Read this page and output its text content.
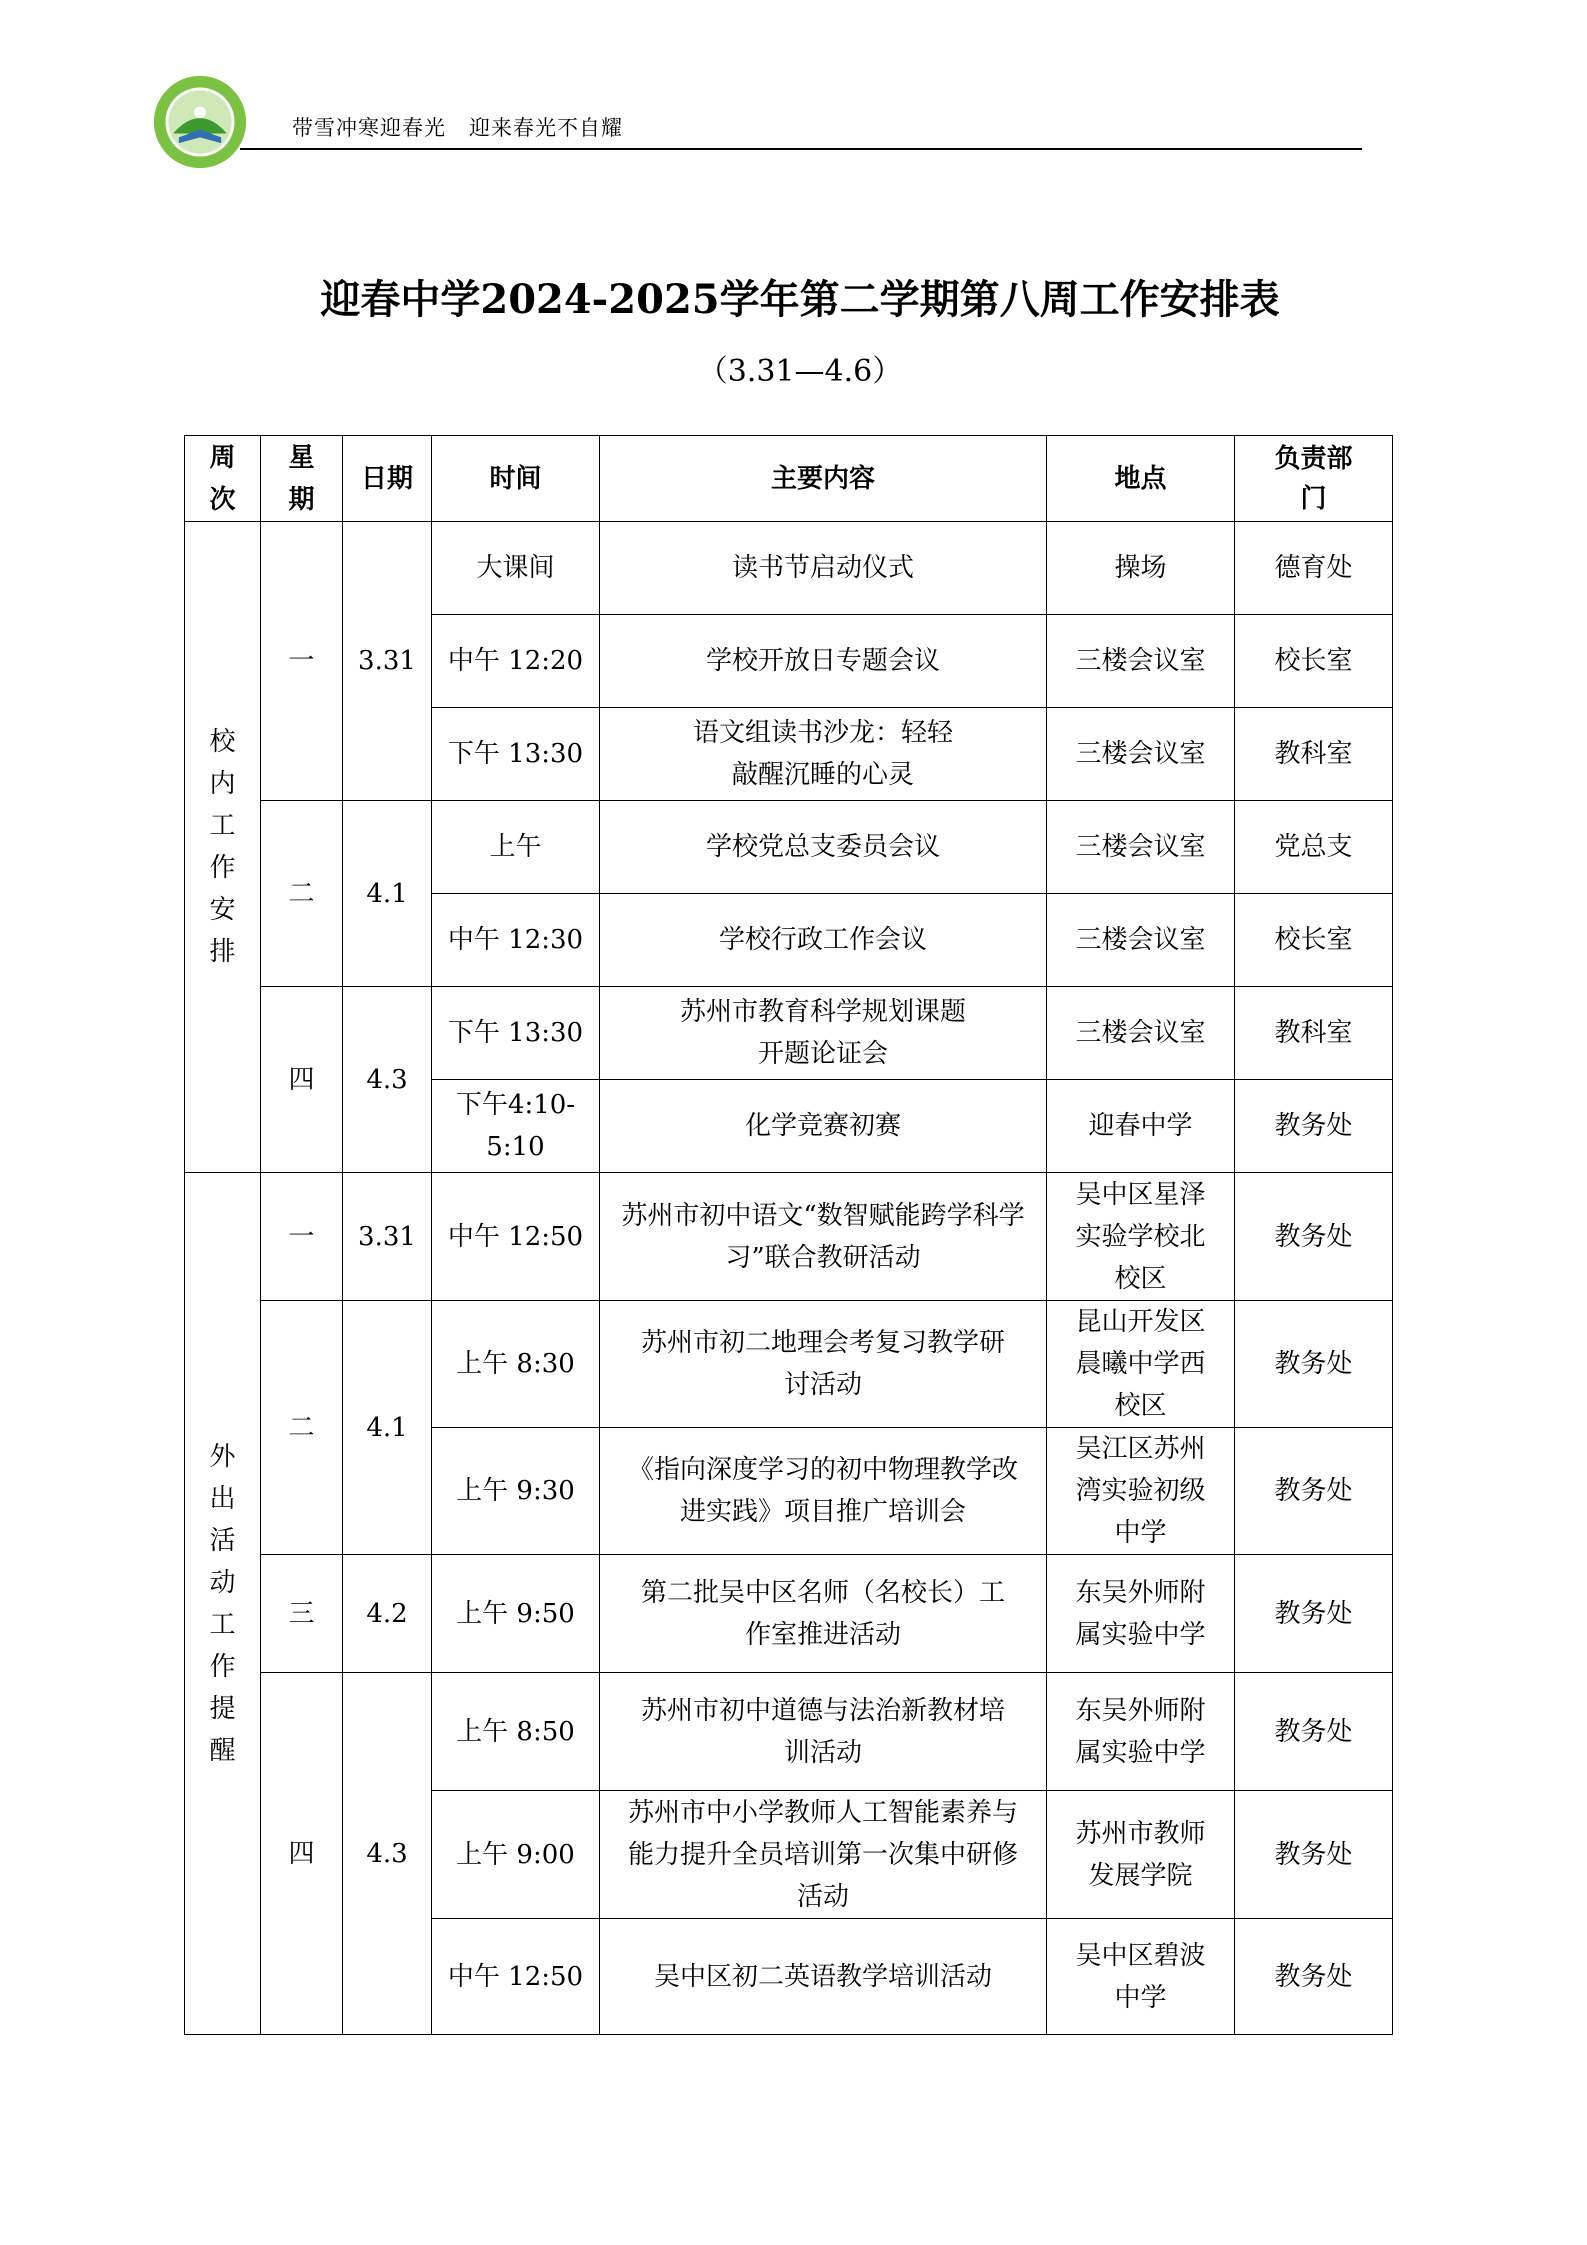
带雪冲寒迎春光   迎来春光不自耀
迎春中学2024-2025学年第二学期第八周工作安排表
（3.31—4.6）
周次	星期	日期	时间	主要内容	地点	负责部门

校内工作安排	一	3.31	大课间	读书节启动仪式	操场	德育处
			中午 12:20	学校开放日专题会议	三楼会议室	校长室
			下午 13:30	语文组读书沙龙：轻轻敲醒沉睡的心灵	三楼会议室	教科室
	二	4.1	上午	学校党总支委员会议	三楼会议室	党总支
			中午 12:30	学校行政工作会议	三楼会议室	校长室
	四	4.3	下午 13:30	苏州市教育科学规划课题开题论证会	三楼会议室	教科室

			下午4:10-5:10	化学竞赛初赛	迎春中学	教务处

外出活动工作提醒	一	3.31	中午 12:50	苏州市初中语文“数智赋能跨学科学习”联合教研活动	吴中区星泽实验学校北校区	教务处
	二	4.1	上午 8:30	苏州市初二地理会考复习教学研讨活动	昆山开发区晨曦中学西校区	教务处
			上午 9:30	《指向深度学习的初中物理教学改进实践》项目推广培训会	吴江区苏州湾实验初级中学	教务处
	三	4.2	上午 9:50	第二批吴中区名师（名校长）工作室推进活动	东吴外师附属实验中学	教务处
	四	4.3	上午 8:50	苏州市初中道德与法治新教材培训活动	东吴外师附属实验中学	教务处
			上午 9:00	苏州市中小学教师人工智能素养与能力提升全员培训第一次集中研修活动	苏州市教师发展学院	教务处
			中午 12:50	吴中区初二英语教学培训活动	吴中区碧波中学	教务处
